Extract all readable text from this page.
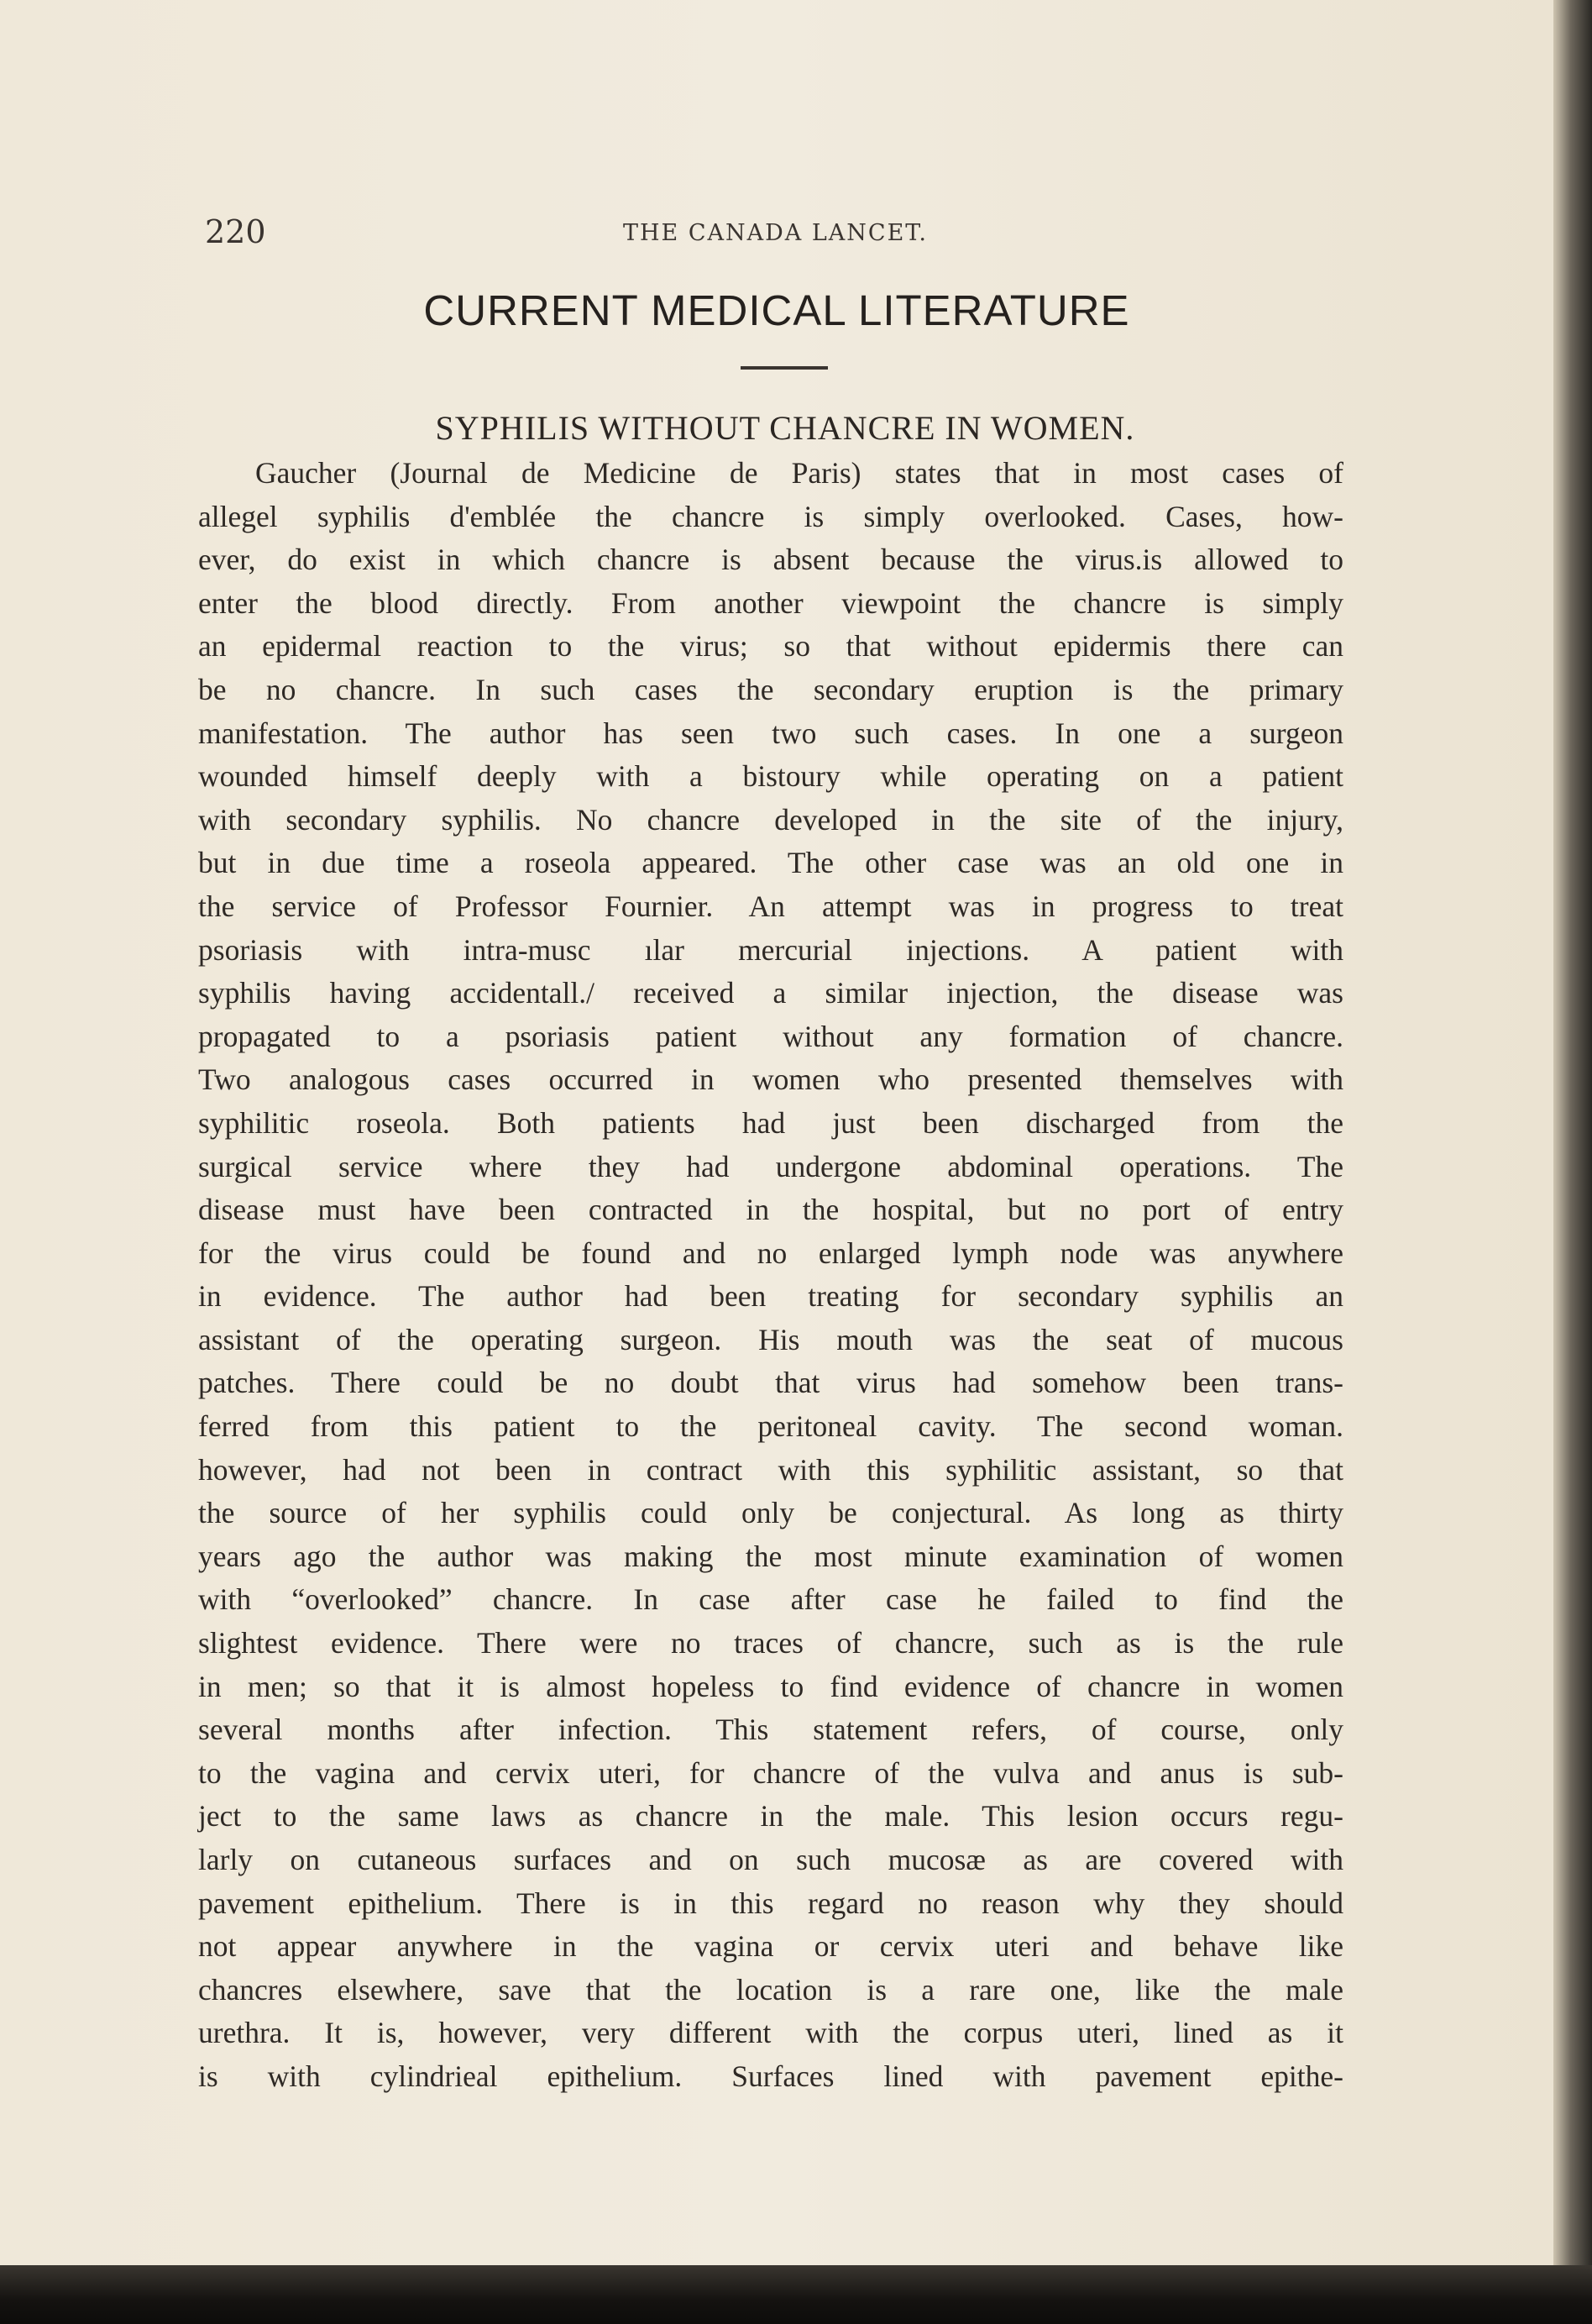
220	THE CANADA LANCET.
CURRENT MEDICAL LITERATURE
SYPHILIS WITHOUT CHANCRE IN WOMEN.
Gaucher (Journal de Medicine de Paris) states that in most cases of
allegel syphilis d'emblée the chancre is simply overlooked. Cases, how-
ever, do exist in which chancre is absent because the virus.is allowed to
enter the blood directly. From another viewpoint the chancre is simply
an epidermal reaction to the virus; so that without epidermis there can
be no chancre. In such cases the secondary eruption is the primary
manifestation. The author has seen two such cases. In one a surgeon
wounded himself deeply with a bistoury while operating on a patient
with secondary syphilis. No chancre developed in the site of the injury,
but in due time a roseola appeared. The other case was an old one in
the service of Professor Fournier. An attempt was in progress to treat
psoriasis with intra-musc ılar mercurial injections. A patient with
syphilis having accidentall./ received a similar injection, the disease was
propagated to a psoriasis patient without any formation of chancre.
Two analogous cases occurred in women who presented themselves with
syphilitic roseola. Both patients had just been discharged from the
surgical service where they had undergone abdominal operations. The
disease must have been contracted in the hospital, but no port of entry
for the virus could be found and no enlarged lymph node was anywhere
in evidence. The author had been treating for secondary syphilis an
assistant of the operating surgeon. His mouth was the seat of mucous
patches. There could be no doubt that virus had somehow been trans-
ferred from this patient to the peritoneal cavity. The second woman.
however, had not been in contract with this syphilitic assistant, so that
the source of her syphilis could only be conjectural. As long as thirty
years ago the author was making the most minute examination of women
with “overlooked” chancre. In case after case he failed to find the
slightest evidence. There were no traces of chancre, such as is the rule
in men; so that it is almost hopeless to find evidence of chancre in women
several months after infection. This statement refers, of course, only
to the vagina and cervix uteri, for chancre of the vulva and anus is sub-
ject to the same laws as chancre in the male. This lesion occurs regu-
larly on cutaneous surfaces and on such mucosæ as are covered with
pavement epithelium. There is in this regard no reason why they should
not appear anywhere in the vagina or cervix uteri and behave like
chancres elsewhere, save that the location is a rare one, like the male
urethra. It is, however, very different with the corpus uteri, lined as it
is with cylindrieal epithelium. Surfaces lined with pavement epithe-
